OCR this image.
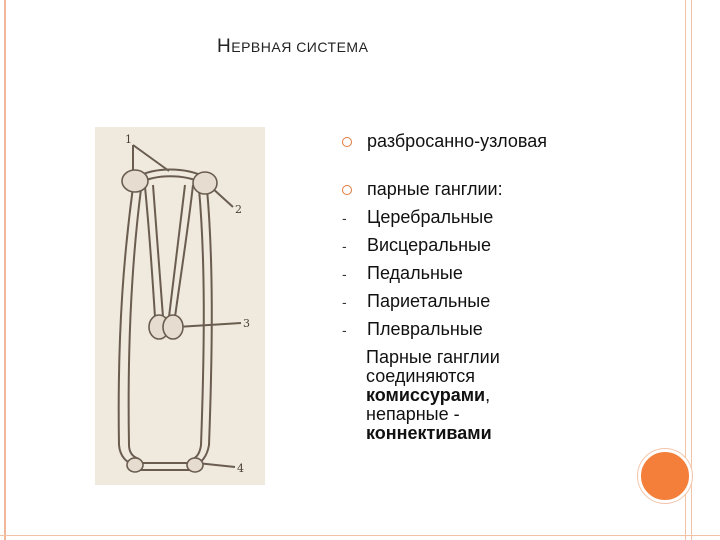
НЕРВНАЯ СИСТЕМА
1
2
3
4
разбросанно-узловая
парные ганглии:
- Церебральные
- Висцеральные
- Педальные
- Париетальные
- Плевральные
Парные ганглии соединяются комиссурами, непарные - коннективами
